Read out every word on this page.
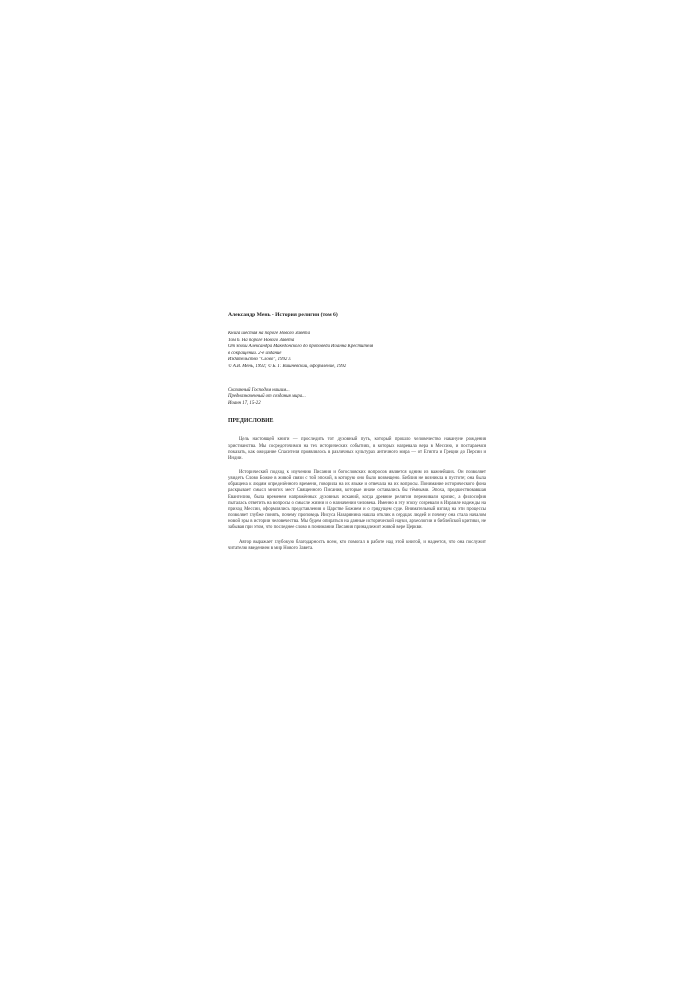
Александр Мень - История религии (том 6)
Книга шестая на пороге Нового Завета
Том 6. На пороге Нового Завета
От эпохи Александра Македонского до проповеди Иоанна Крестителя
в сокращении. 2-е издание
Издательство "Слово", 1992 г.
© А.В. Мень, 1992; © Б. Г. Вишневский, оформление, 1992
Сказанный Господом нашим...
Предназначенный от создания мира...
Иоанн 17, 15-22
ПРЕДИСЛОВИЕ

Цель настоящей книги — проследить тот духовный путь, который прошло человечество накануне рождения христианства. Мы сосредоточимся на тех исторических событиях, в которых назревала вера в Мессию, и постараемся показать, как ожидание Спасителя проявлялось в различных культурах античного мира — от Египта и Греции до Персии и Индии.

Исторический подход к изучению Писания и богословских вопросов является одним из важнейших. Он позволяет увидеть Слово Божие в живой связи с той эпохой, в которую оно было возвещено. Библия не возникла в пустоте; она была обращена к людям определённого времени, говорила на их языке и отвечала на их вопросы. Понимание исторического фона раскрывает смысл многих мест Священного Писания, которые иначе оставались бы тёмными. Эпоха, предшествовавшая Евангелию, была временем напряжённых духовных исканий, когда древние религии переживали кризис, а философия пыталась ответить на вопросы о смысле жизни и о назначении человека. Именно в эту эпоху созревали в Израиле надежды на приход Мессии, оформлялись представления о Царстве Божием и о грядущем суде. Внимательный взгляд на эти процессы позволяет глубже понять, почему проповедь Иисуса Назарянина нашла отклик в сердцах людей и почему она стала началом новой эры в истории человечества. Мы будем опираться на данные исторической науки, археологии и библейской критики, не забывая при этом, что последнее слово в понимании Писания принадлежит живой вере Церкви.

Автор выражает глубокую благодарность всем, кто помогал в работе над этой книгой, и надеется, что она послужит читателю введением в мир Нового Завета.
